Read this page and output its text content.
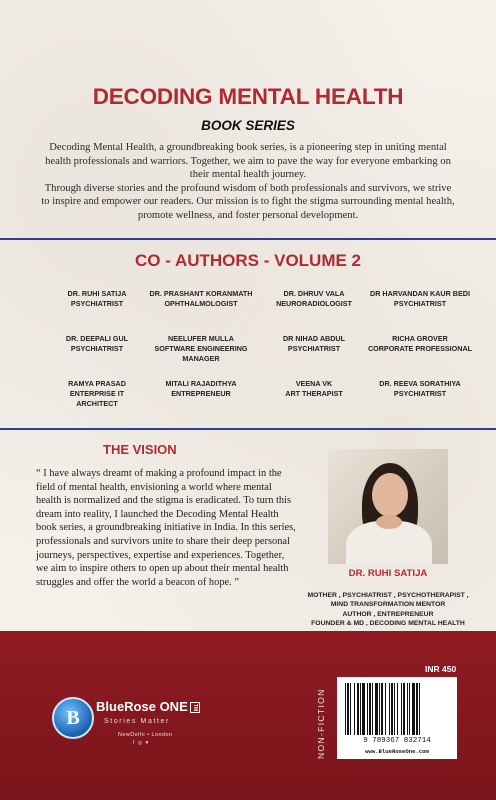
DECODING MENTAL HEALTH
BOOK SERIES

Decoding Mental Health, a groundbreaking book series, is a pioneering step in uniting mental health professionals and warriors. Together, we aim to pave the way for everyone embarking on their mental health journey.

Through diverse stories and the profound wisdom of both professionals and survivors, we strive to inspire and empower our readers. Our mission is to fight the stigma surrounding mental health, promote wellness, and foster personal development.

CO - AUTHORS - VOLUME 2
DR. RUHI SATIJA
PSYCHIATRIST
DR. PRASHANT KORANMATH
OPHTHALMOLOGIST
DR. DHRUV VALA
NEURORADIOLOGIST
DR HARVANDAN KAUR BEDI
PSYCHIATRIST
DR. DEEPALI GUL
PSYCHIATRIST
NEELUFER MULLA
SOFTWARE ENGINEERING MANAGER
DR NIHAD ABDUL
PSYCHIATRIST
RICHA GROVER
CORPORATE PROFESSIONAL
RAMYA PRASAD
ENTERPRISE IT ARCHITECT
MITALI RAJADITHYA
ENTREPRENEUR
VEENA VK
ART THERAPIST
DR. REEVA SORATHIYA
PSYCHIATRIST
THE VISION
“ I have always dreamt of making a profound impact in the field of mental health, envisioning a world where mental health is normalized and the stigma is eradicated. To turn this dream into reality, I launched the Decoding Mental Health book series, a groundbreaking initiative in India. In this series, professionals and survivors unite to share their deep personal journeys, perspectives, expertise and experiences. Together, we aim to inspire others to open up about their mental health struggles and offer the world a beacon of hope. ”
DR. RUHI SATIJA
MOTHER , PSYCHIATRIST , PSYCHOTHERAPIST ,
MIND TRANSFORMATION MENTOR
AUTHOR , ENTREPRENEUR
FOUNDER & MD , DECODING MENTAL HEALTH
B
BlueRose ONE TM
Stories Matter
NewDelhi • London
f ◎ ♥	NON-FICTION
INR 450
9 789367 832714
www.BlueRoseOne.com
